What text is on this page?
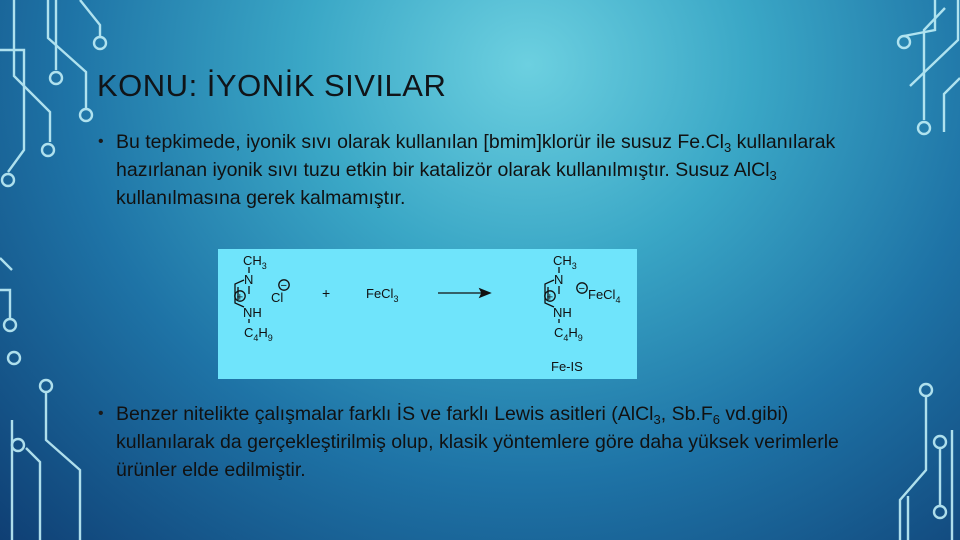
KONU: İYONİK SIVILAR

• Bu tepkimede, iyonik sıvı olarak kullanılan [bmim]klorür ile susuz $Fe.Cl_3$ kullanılarak hazırlanan iyonik sıvı tuzu etkin bir katalizör olarak kullanılmıştır. Susuz AlCl$_3$ kullanılmasına gerek kalmamıştır.

$CH_3$
N
+
−
Cl
NH
$C_4H_9$
+	FeCl$_3$
$CH_3$
N
+
− FeCl$_4$
NH
$C_4H_9$
Fe-IS

• Benzer nitelikte çalışmalar farklı İS ve farklı Lewis asitleri (AlCl$_3$, $Sb.F_6$ vd.gibi) kullanılarak da gerçekleştirilmiş olup, klasik yöntemlere göre daha yüksek verimlerle ürünler elde edilmiştir.
